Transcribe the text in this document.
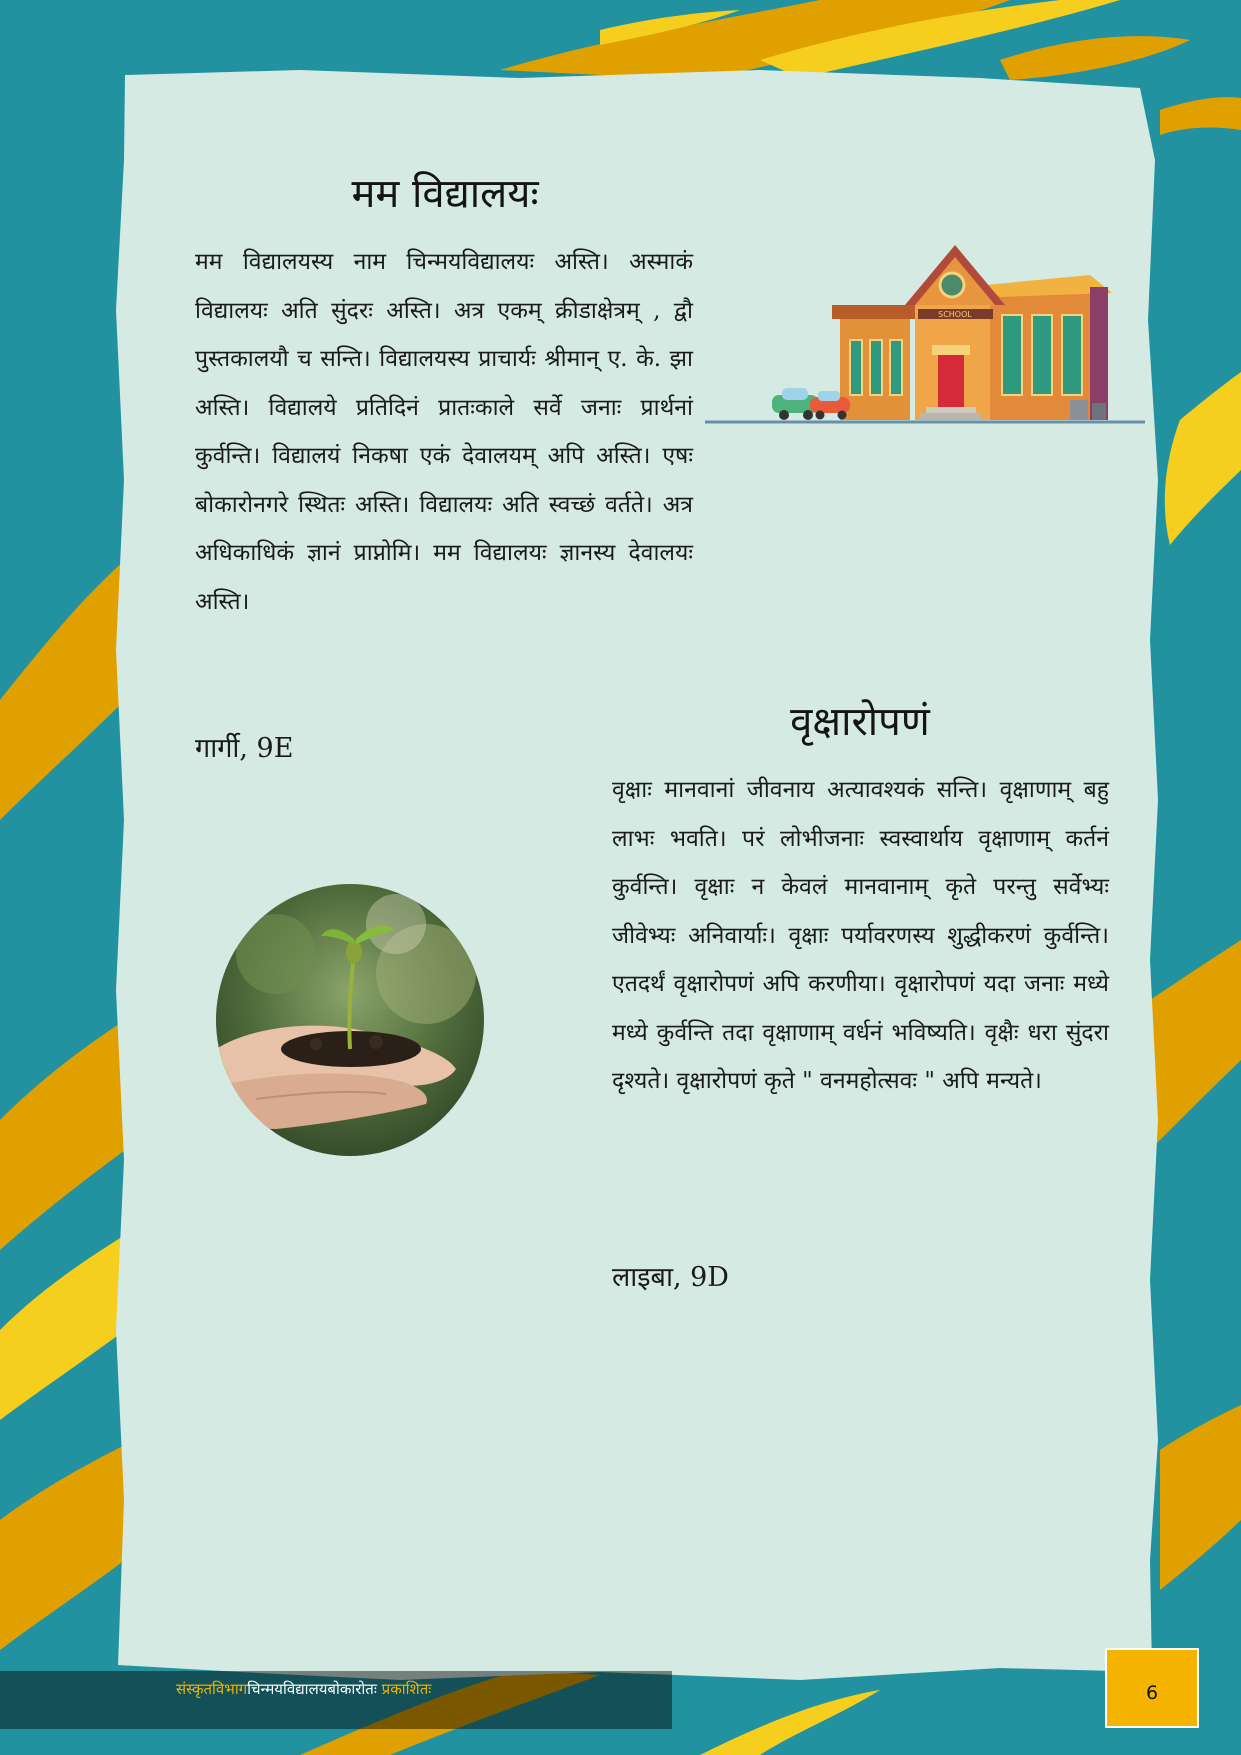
मम विद्यालयः

मम विद्यालयस्य नाम चिन्मयविद्यालयः अस्ति। अस्माकं विद्यालयः अति सुंदरः अस्ति। अत्र एकम् क्रीडाक्षेत्रम् , द्वौ पुस्तकालयौ च सन्ति। विद्यालयस्य प्राचार्यः श्रीमान् ए. के. झा अस्ति। विद्यालये प्रतिदिनं प्रातःकाले सर्वे जनाः प्रार्थनां कुर्वन्ति। विद्यालयं निकषा एकं देवालयम् अपि अस्ति। एषः बोकारोनगरे स्थितः अस्ति। विद्यालयः अति स्वच्छं वर्तते। अत्र अधिकाधिकं ज्ञानं प्राप्नोमि। मम विद्यालयः ज्ञानस्य देवालयः अस्ति।

गार्गी, 9E
SCHOOL
वृक्षारोपणं

वृक्षाः मानवानां जीवनाय अत्यावश्यकं सन्ति। वृक्षाणाम् बहु लाभः भवति। परं लोभीजनाः स्वस्वार्थाय वृक्षाणाम् कर्तनं कुर्वन्ति। वृक्षाः न केवलं मानवानाम् कृते परन्तु सर्वेभ्यः जीवेभ्यः अनिवार्याः। वृक्षाः पर्यावरणस्य शुद्धीकरणं कुर्वन्ति। एतदर्थं वृक्षारोपणं अपि करणीया। वृक्षारोपणं यदा जनाः मध्ये मध्ये कुर्वन्ति तदा वृक्षाणाम् वर्धनं भविष्यति। वृक्षैः धरा सुंदरा दृश्यते। वृक्षारोपणं कृते " वनमहोत्सवः " अपि मन्यते।

लाइबा, 9D
संस्कृतविभागचिन्मयविद्यालयबोकारोतः प्रकाशितः	6
